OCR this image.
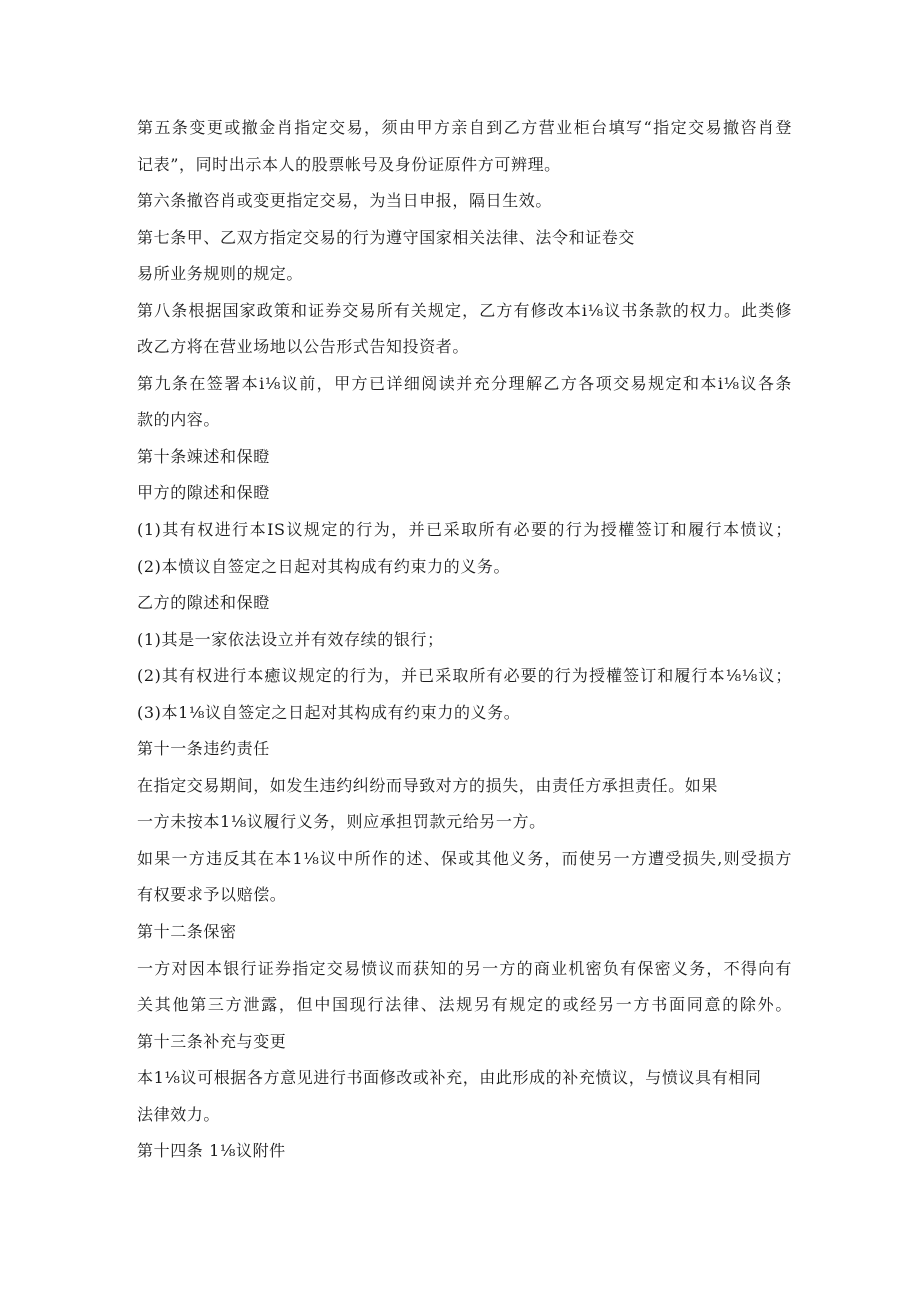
第五条变更或撤金肖指定交易，须由甲方亲自到乙方营业柜台填写“指定交易撤咨肖登
记表”，同时出示本人的股票帐号及身份证原件方可辨理。
第六条撤咨肖或变更指定交易，为当日申报，隔日生效。
第七条甲、乙双方指定交易的行为遵守国家相关法律、法令和证卷交
易所业务规则的规定。
第八条根据国家政策和证券交易所有关规定，乙方有修改本i⅛议书条款的权力。此类修
改乙方将在营业场地以公告形式告知投资者。
第九条在签署本i⅛议前，甲方已详细阅读并充分理解乙方各项交易规定和本i⅛议各条
款的内容。
第十条竦述和保瞪
甲方的隙述和保瞪
(1)其有权进行本IS议规定的行为，并已采取所有必要的行为授權签订和履行本愤议；
(2)本愤议自签定之日起对其构成有约束力的义务。
乙方的隙述和保瞪
(1)其是一家依法设立并有效存续的银行；
(2)其有权进行本癒议规定的行为，并已采取所有必要的行为授權签订和履行本⅛⅛议；
(3)本1⅛议自签定之日起对其构成有约束力的义务。
第十一条违约责任
在指定交易期间，如发生违约纠纷而导致对方的损失，由责任方承担责任。如果
一方未按本1⅛议履行义务，则应承担罚款元给另一方。
如果一方违反其在本1⅛议中所作的述、保或其他义务，而使另一方遭受损失,则受损方
有权要求予以赔偿。
第十二条保密
一方对因本银行证券指定交易愤议而获知的另一方的商业机密负有保密义务，不得向有
关其他第三方泄露，但中国现行法律、法规另有规定的或经另一方书面同意的除外。
第十三条补充与变更
本1⅛议可根据各方意见进行书面修改或补充，由此形成的补充愤议，与愤议具有相同
法律效力。
第十四条 1⅛议附件
